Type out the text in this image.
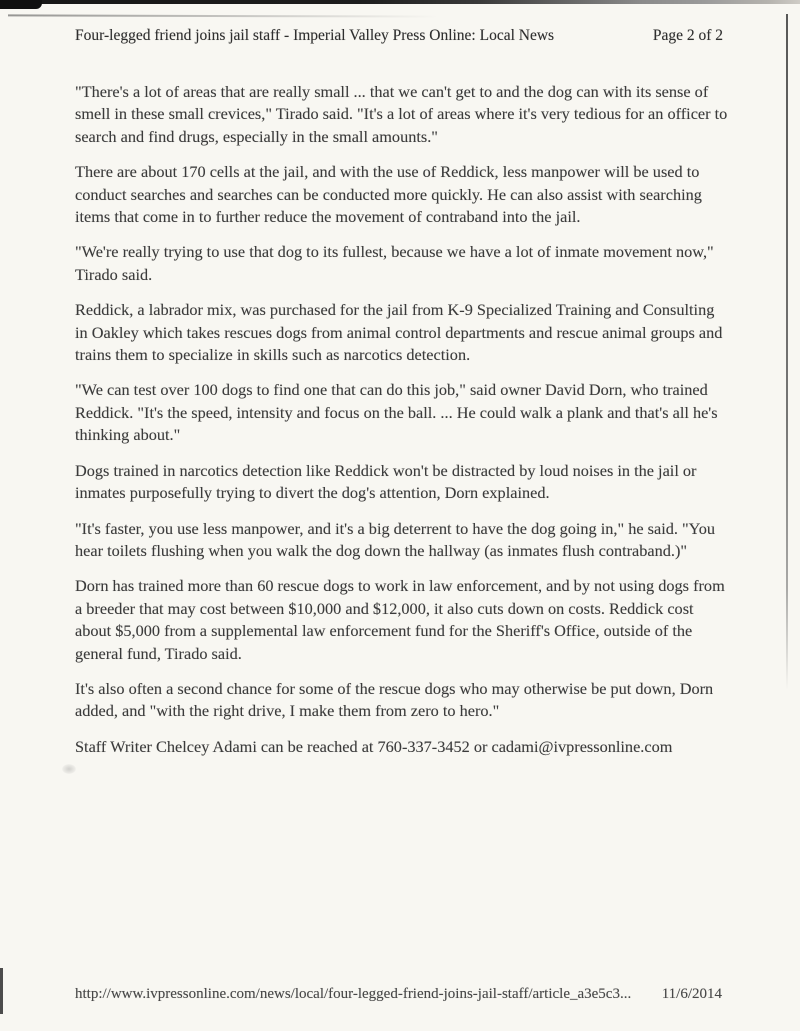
Four-legged friend joins jail staff - Imperial Valley Press Online: Local News	Page 2 of 2

"There's a lot of areas that are really small ... that we can't get to and the dog can with its sense of smell in these small crevices," Tirado said. "It's a lot of areas where it's very tedious for an officer to search and find drugs, especially in the small amounts."

There are about 170 cells at the jail, and with the use of Reddick, less manpower will be used to conduct searches and searches can be conducted more quickly. He can also assist with searching items that come in to further reduce the movement of contraband into the jail.

"We're really trying to use that dog to its fullest, because we have a lot of inmate movement now," Tirado said.

Reddick, a labrador mix, was purchased for the jail from K-9 Specialized Training and Consulting in Oakley which takes rescues dogs from animal control departments and rescue animal groups and trains them to specialize in skills such as narcotics detection.

"We can test over 100 dogs to find one that can do this job," said owner David Dorn, who trained Reddick. "It's the speed, intensity and focus on the ball. ... He could walk a plank and that's all he's thinking about."

Dogs trained in narcotics detection like Reddick won't be distracted by loud noises in the jail or inmates purposefully trying to divert the dog's attention, Dorn explained.

"It's faster, you use less manpower, and it's a big deterrent to have the dog going in," he said. "You hear toilets flushing when you walk the dog down the hallway (as inmates flush contraband.)"

Dorn has trained more than 60 rescue dogs to work in law enforcement, and by not using dogs from a breeder that may cost between $10,000 and $12,000, it also cuts down on costs. Reddick cost about $5,000 from a supplemental law enforcement fund for the Sheriff's Office, outside of the general fund, Tirado said.

It's also often a second chance for some of the rescue dogs who may otherwise be put down, Dorn added, and "with the right drive, I make them from zero to hero."

Staff Writer Chelcey Adami can be reached at 760-337-3452 or cadami@ivpressonline.com

http://www.ivpressonline.com/news/local/four-legged-friend-joins-jail-staff/article_a3e5c3... 11/6/2014
